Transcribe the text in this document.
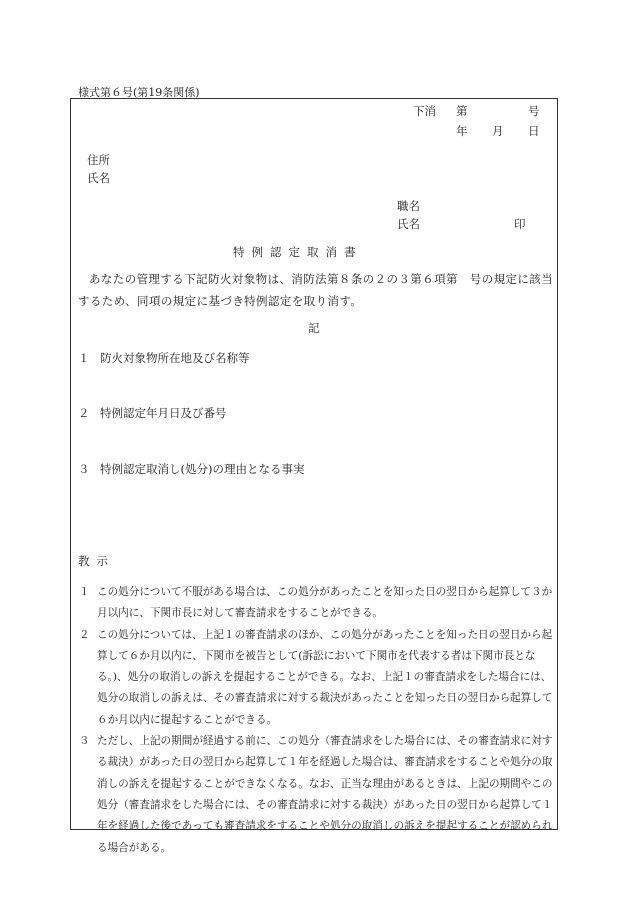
様式第６号(第19条関係)
下消 第	号
年 月 日
住所
氏名
職名
氏名	印
特例認定取消書
あなたの管理する下記防火対象物は、消防法第８条の２の３第６項第　号の規定に該当するため、同項の規定に基づき特例認定を取り消す。
記
１ 防火対象物所在地及び名称等
２ 特例認定年月日及び番号
３ 特例認定取消し(処分)の理由となる事実
教示
１ この処分について不服がある場合は、この処分があったことを知った日の翌日から起算して３か月以内に、下関市長に対して審査請求をすることができる。
２ この処分については、上記１の審査請求のほか、この処分があったことを知った日の翌日から起算して６か月以内に、下関市を被告として(訴訟において下関市を代表する者は下関市長となる。)、処分の取消しの訴えを提起することができる。なお、上記１の審査請求をした場合には、処分の取消しの訴えは、その審査請求に対する裁決があったことを知った日の翌日から起算して６か月以内に提起することができる。
３ ただし、上記の期間が経過する前に、この処分（審査請求をした場合には、その審査請求に対する裁決）があった日の翌日から起算して１年を経過した場合は、審査請求をすることや処分の取消しの訴えを提起することができなくなる。なお、正当な理由があるときは、上記の期間やこの処分（審査請求をした場合には、その審査請求に対する裁決）があった日の翌日から起算して１年を経過した後であっても審査請求をすることや処分の取消しの訴えを提起することが認められる場合がある。
